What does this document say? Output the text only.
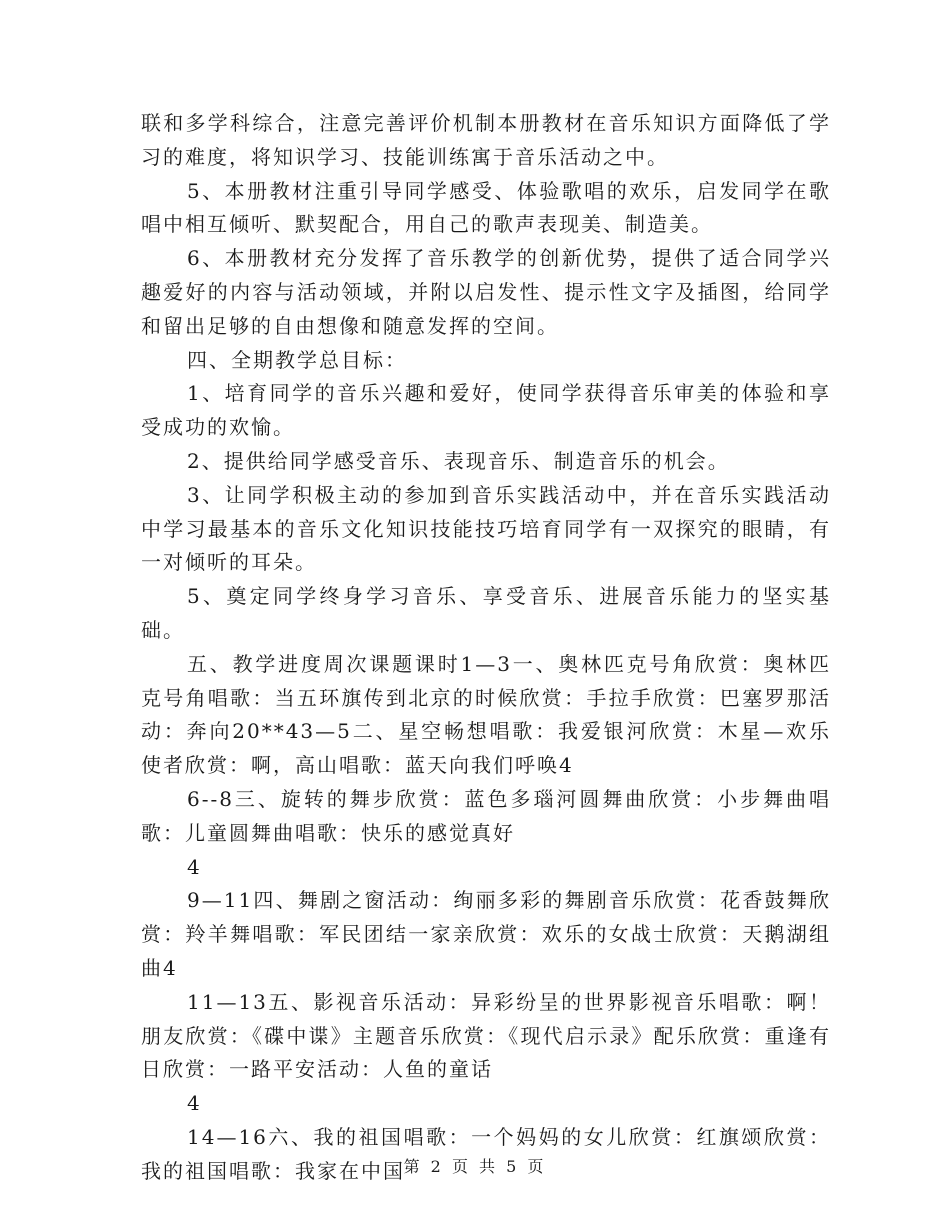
联和多学科综合，注意完善评价机制本册教材在音乐知识方面降低了学习的难度，将知识学习、技能训练寓于音乐活动之中。

5、本册教材注重引导同学感受、体验歌唱的欢乐，启发同学在歌唱中相互倾听、默契配合，用自己的歌声表现美、制造美。

6、本册教材充分发挥了音乐教学的创新优势，提供了适合同学兴趣爱好的内容与活动领域，并附以启发性、提示性文字及插图，给同学和留出足够的自由想像和随意发挥的空间。

四、全期教学总目标：

1、培育同学的音乐兴趣和爱好，使同学获得音乐审美的体验和享受成功的欢愉。

2、提供给同学感受音乐、表现音乐、制造音乐的机会。

3、让同学积极主动的参加到音乐实践活动中，并在音乐实践活动中学习最基本的音乐文化知识技能技巧培育同学有一双探究的眼睛，有一对倾听的耳朵。

5、奠定同学终身学习音乐、享受音乐、进展音乐能力的坚实基础。

五、教学进度周次课题课时1—3一、奥林匹克号角欣赏：奥林匹克号角唱歌：当五环旗传到北京的时候欣赏：手拉手欣赏：巴塞罗那活动：奔向20**43—5二、星空畅想唱歌：我爱银河欣赏：木星—欢乐使者欣赏：啊，高山唱歌：蓝天向我们呼唤4

6--8三、旋转的舞步欣赏：蓝色多瑙河圆舞曲欣赏：小步舞曲唱歌：儿童圆舞曲唱歌：快乐的感觉真好

4

9—11四、舞剧之窗活动：绚丽多彩的舞剧音乐欣赏：花香鼓舞欣赏：羚羊舞唱歌：军民团结一家亲欣赏：欢乐的女战士欣赏：天鹅湖组曲4

11—13五、影视音乐活动：异彩纷呈的世界影视音乐唱歌：啊！朋友欣赏：《碟中谍》主题音乐欣赏：《现代启示录》配乐欣赏：重逢有日欣赏：一路平安活动：人鱼的童话

4

14—16六、我的祖国唱歌：一个妈妈的女儿欣赏：红旗颂欣赏：我的祖国唱歌：我家在中国

第 2 页 共 5 页
